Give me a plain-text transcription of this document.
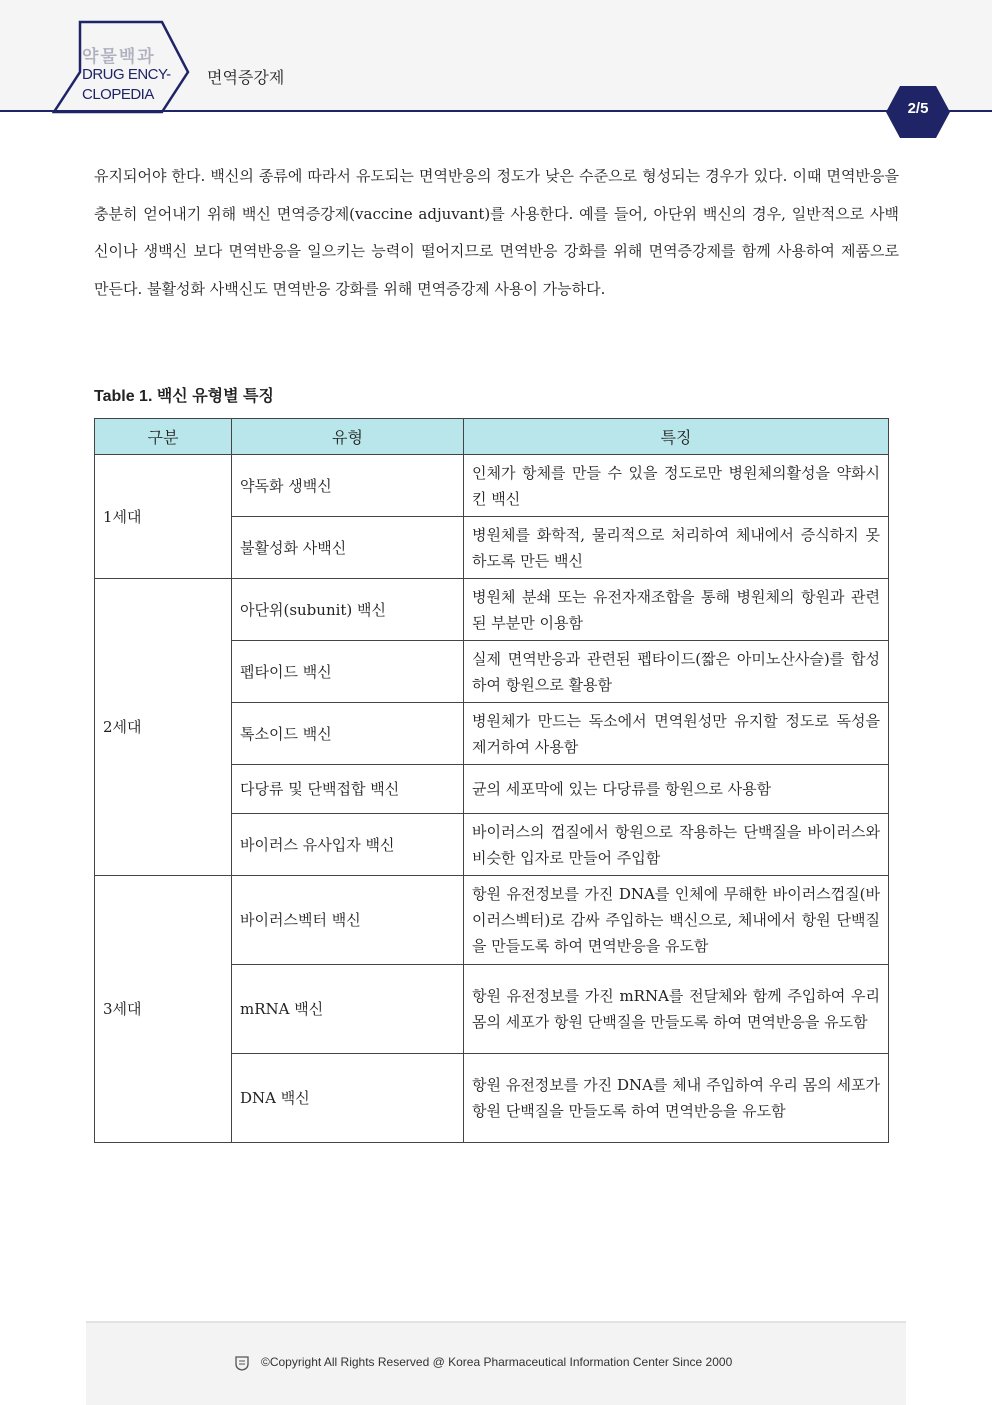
약물백과
DRUG ENCY-
CLOPEDIA
면역증강제
2/5
유지되어야 한다. 백신의 종류에 따라서 유도되는 면역반응의 정도가 낮은 수준으로 형성되는 경우가 있다. 이때 면역반응을 충분히 얻어내기 위해 백신 면역증강제(vaccine adjuvant)를 사용한다. 예를 들어, 아단위 백신의 경우, 일반적으로 사백신이나 생백신 보다 면역반응을 일으키는 능력이 떨어지므로 면역반응 강화를 위해 면역증강제를 함께 사용하여 제품으로 만든다. 불활성화 사백신도 면역반응 강화를 위해 면역증강제 사용이 가능하다.
Table 1. 백신 유형별 특징
구분	유형	특징
1세대	약독화 생백신	인체가 항체를 만들 수 있을 정도로만 병원체의활성을 약화시킨 백신
	불활성화 사백신	병원체를 화학적, 물리적으로 처리하여 체내에서 증식하지 못하도록 만든 백신
2세대	아단위(subunit) 백신	병원체 분쇄 또는 유전자재조합을 통해 병원체의 항원과 관련된 부분만 이용함
	펩타이드 백신	실제 면역반응과 관련된 펩타이드(짧은 아미노산사슬)를 합성하여 항원으로 활용함
	톡소이드 백신	병원체가 만드는 독소에서 면역원성만 유지할 정도로 독성을 제거하여 사용함
	다당류 및 단백접합 백신	균의 세포막에 있는 다당류를 항원으로 사용함
	바이러스 유사입자 백신	바이러스의 껍질에서 항원으로 작용하는 단백질을 바이러스와 비슷한 입자로 만들어 주입함
3세대	바이러스벡터 백신	항원 유전정보를 가진 DNA를 인체에 무해한 바이러스껍질(바이러스벡터)로 감싸 주입하는 백신으로, 체내에서 항원 단백질을 만들도록 하여 면역반응을 유도함
	mRNA 백신	항원 유전정보를 가진 mRNA를 전달체와 함께 주입하여 우리 몸의 세포가 항원 단백질을 만들도록 하여 면역반응을 유도함
	DNA 백신	항원 유전정보를 가진 DNA를 체내 주입하여 우리 몸의 세포가 항원 단백질을 만들도록 하여 면역반응을 유도함
©Copyright All Rights Reserved @ Korea Pharmaceutical Information Center Since 2000
